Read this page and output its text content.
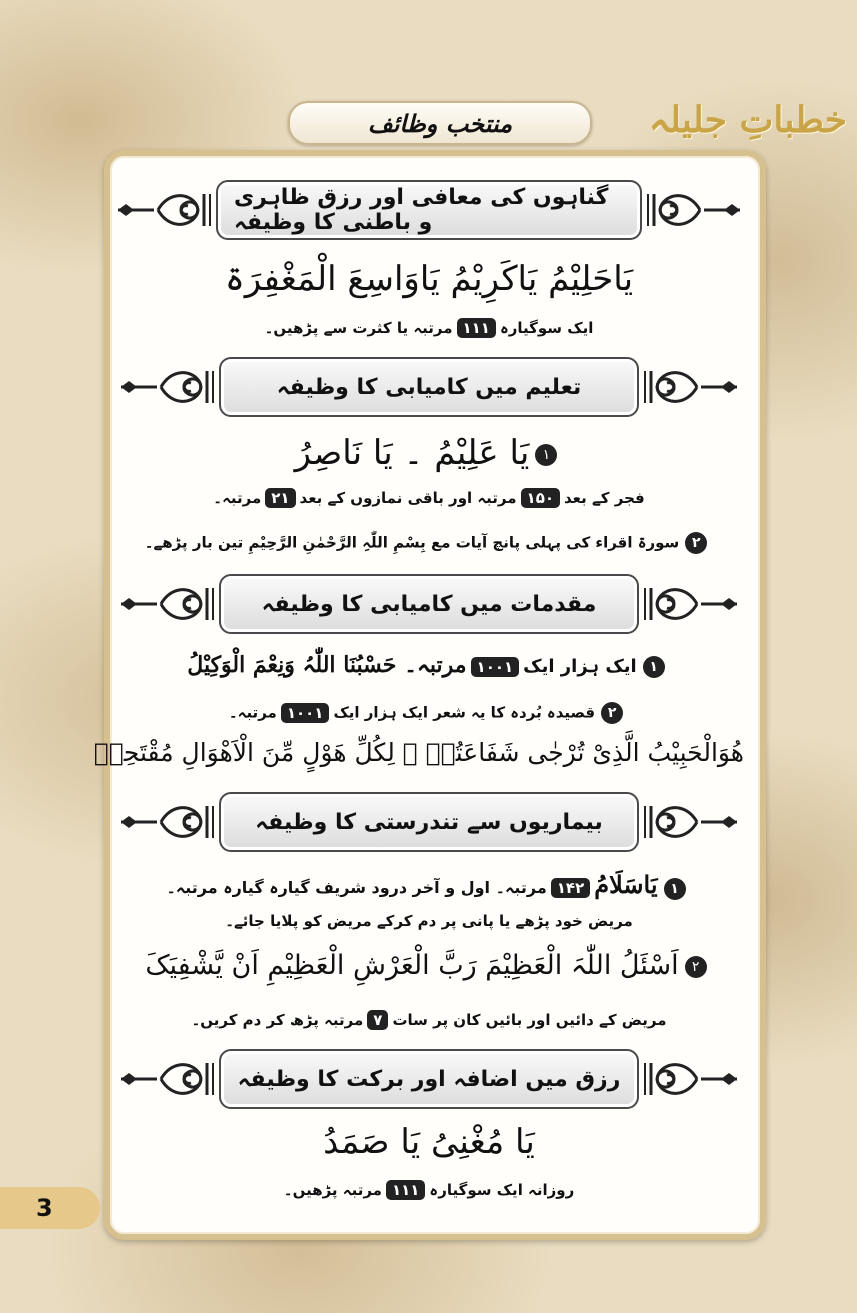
منتخب وظائف	خطباتِ جلیلہ
گناہوں کی معافی اور رزق ظاہری و باطنی کا وظیفہ
یَاحَلِیْمُ یَاکَرِیْمُ یَاوَاسِعَ الْمَغْفِرَۃ
ایک سوگیارہ۱۱۱مرتبہ یا کثرت سے پڑھیں۔
تعلیم میں کامیابی کا وظیفہ
۱یَا عَلِیْمُ ۔ یَا نَاصِرُ
فجر کے بعد۱۵۰مرتبہ اور باقی نمازوں کے بعد۲۱مرتبہ۔
۲سورۃ اقراء کی پہلی پانچ آیات مع بِسْمِ اللّٰہِ الرَّحْمٰنِ الرَّحِیْمِ تین بار پڑھے۔
مقدمات میں کامیابی کا وظیفہ
۱ایک ہزار ایک۱۰۰۱مرتبہ۔ حَسْبُنَا اللّٰہُ وَنِعْمَ الْوَکِیْلُ
۲قصیدہ بُردہ کا یہ شعر ایک ہزار ایک۱۰۰۱مرتبہ۔
ھُوَالْحَبِیْبُ الَّذِیْ تُرْجٰی شَفَاعَتُہٗ ۔ لِکُلِّ ھَوْلٍ مِّنَ الْاَھْوَالِ مُقْتَحِمٖ
بیماریوں سے تندرستی کا وظیفہ
۱یَاسَلَامُ۱۴۲مرتبہ۔ اول و آخر درود شریف گیارہ گیارہ مرتبہ۔
مریض خود پڑھے یا پانی پر دم کرکے مریض کو پلایا جائے۔
۲اَسْئَلُ اللّٰہَ الْعَظِیْمَ رَبَّ الْعَرْشِ الْعَظِیْمِ اَنْ یَّشْفِیَکَ
مریض کے دائیں اور بائیں کان پر سات۷مرتبہ پڑھ کر دم کریں۔
رزق میں اضافہ اور برکت کا وظیفہ
یَا مُغْنِیُ یَا صَمَدُ
روزانہ ایک سوگیارہ۱۱۱مرتبہ پڑھیں۔
3
